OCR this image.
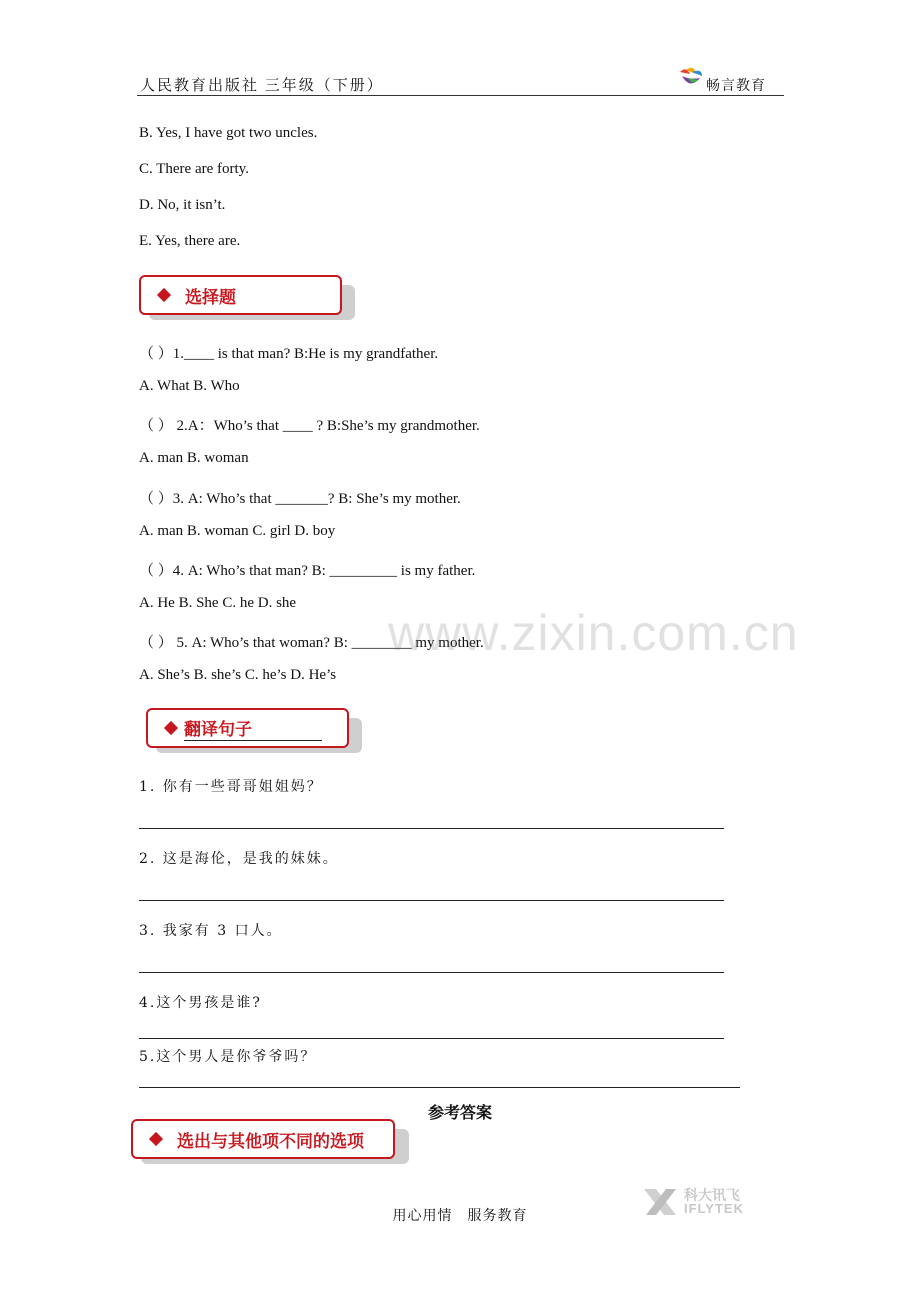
人民教育出版社 三年级（下册）	畅言教育
B. Yes, I have got two uncles.
C. There are forty.
D. No, it isn’t.
E. Yes, there are.
选择题
（ ）1.____ is that man? B:He is my grandfather.
A. What B. Who
（ ） 2.A：Who’s that ____ ? B:She’s my grandmother.
A. man B. woman
（ ）3. A: Who’s that _______? B: She’s my mother.
A. man B. woman C. girl D. boy
（ ）4. A: Who’s that man? B: _________ is my father.
A. He B. She C. he D. she
（ ） 5. A: Who’s that woman? B: ________ my mother.
A. She’s B. she’s C. he’s D. He’s
www.zixin.com.cn
翻译句子
1. 你有一些哥哥姐姐妈？
2. 这是海伦，是我的妹妹。
3. 我家有 3 口人。
4.这个男孩是谁?
5.这个男人是你爷爷吗？
参考答案
选出与其他项不同的选项
用心用情　服务教育
科大讯飞
IFLYTEK
